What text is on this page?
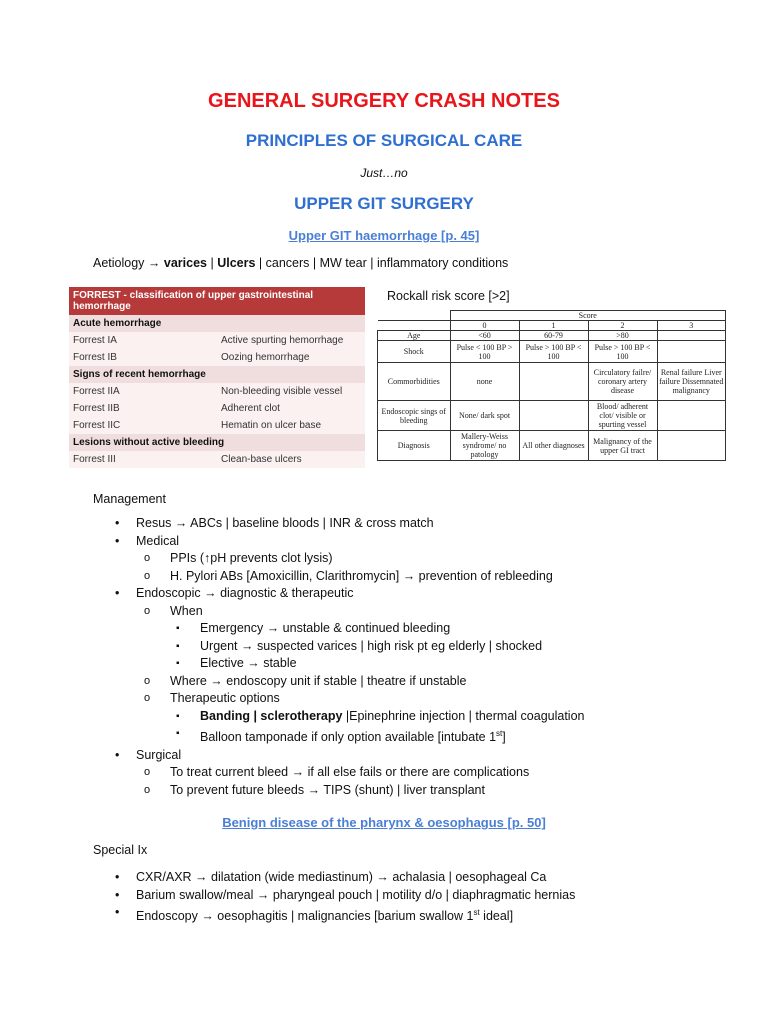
GENERAL SURGERY CRASH NOTES
PRINCIPLES OF SURGICAL CARE
Just…no
UPPER GIT SURGERY
Upper GIT haemorrhage [p. 45]
Aetiology → varices | Ulcers | cancers | MW tear | inflammatory conditions
FORREST - classification of upper gastrointestinal hemorrhage	
Acute hemorrhage	
Forrest IA	Active spurting hemorrhage
Forrest IB	Oozing hemorrhage
Signs of recent hemorrhage	
Forrest IIA	Non-bleeding visible vessel
Forrest IIB	Adherent clot
Forrest IIC	Hematin on ulcer base
Lesions without active bleeding	
Forrest III	Clean-base ulcers
Rockall risk score [>2]
	Score			
	0	1	2	3
Age	<60	60-79	>80	
Shock	Pulse < 100 BP > 100	Pulse > 100 BP < 100	Pulse > 100 BP < 100	
Commorbidities	none		Circulatory failre/ coronary artery disease	Renal failure Liver failure Dissemnated malignancy
Endoscopic sings of bleeding	None/ dark spot		Blood/ adherent clot/ visible or spurting vessel	
Diagnosis	Mallery-Weiss syndrome/ no patology	All other diagnoses	Malignancy of the upper GI tract	
Management
• Resus → ABCs | baseline bloods | INR & cross match
• Medical
o PPIs (↑pH prevents clot lysis)
o H. Pylori ABs [Amoxicillin, Clarithromycin] → prevention of rebleeding
• Endoscopic → diagnostic & therapeutic
o When
▪ Emergency → unstable & continued bleeding
▪ Urgent → suspected varices | high risk pt eg elderly | shocked
▪ Elective → stable
o Where → endoscopy unit if stable | theatre if unstable
o Therapeutic options
▪ Banding | sclerotherapy |Epinephrine injection | thermal coagulation
▪ Balloon tamponade if only option available [intubate 1st]
• Surgical
o To treat current bleed → if all else fails or there are complications
o To prevent future bleeds → TIPS (shunt) | liver transplant
Benign disease of the pharynx & oesophagus [p. 50]
Special Ix
• CXR/AXR → dilatation (wide mediastinum) → achalasia | oesophageal Ca
• Barium swallow/meal → pharyngeal pouch | motility d/o | diaphragmatic hernias
• Endoscopy → oesophagitis | malignancies [barium swallow 1st ideal]
